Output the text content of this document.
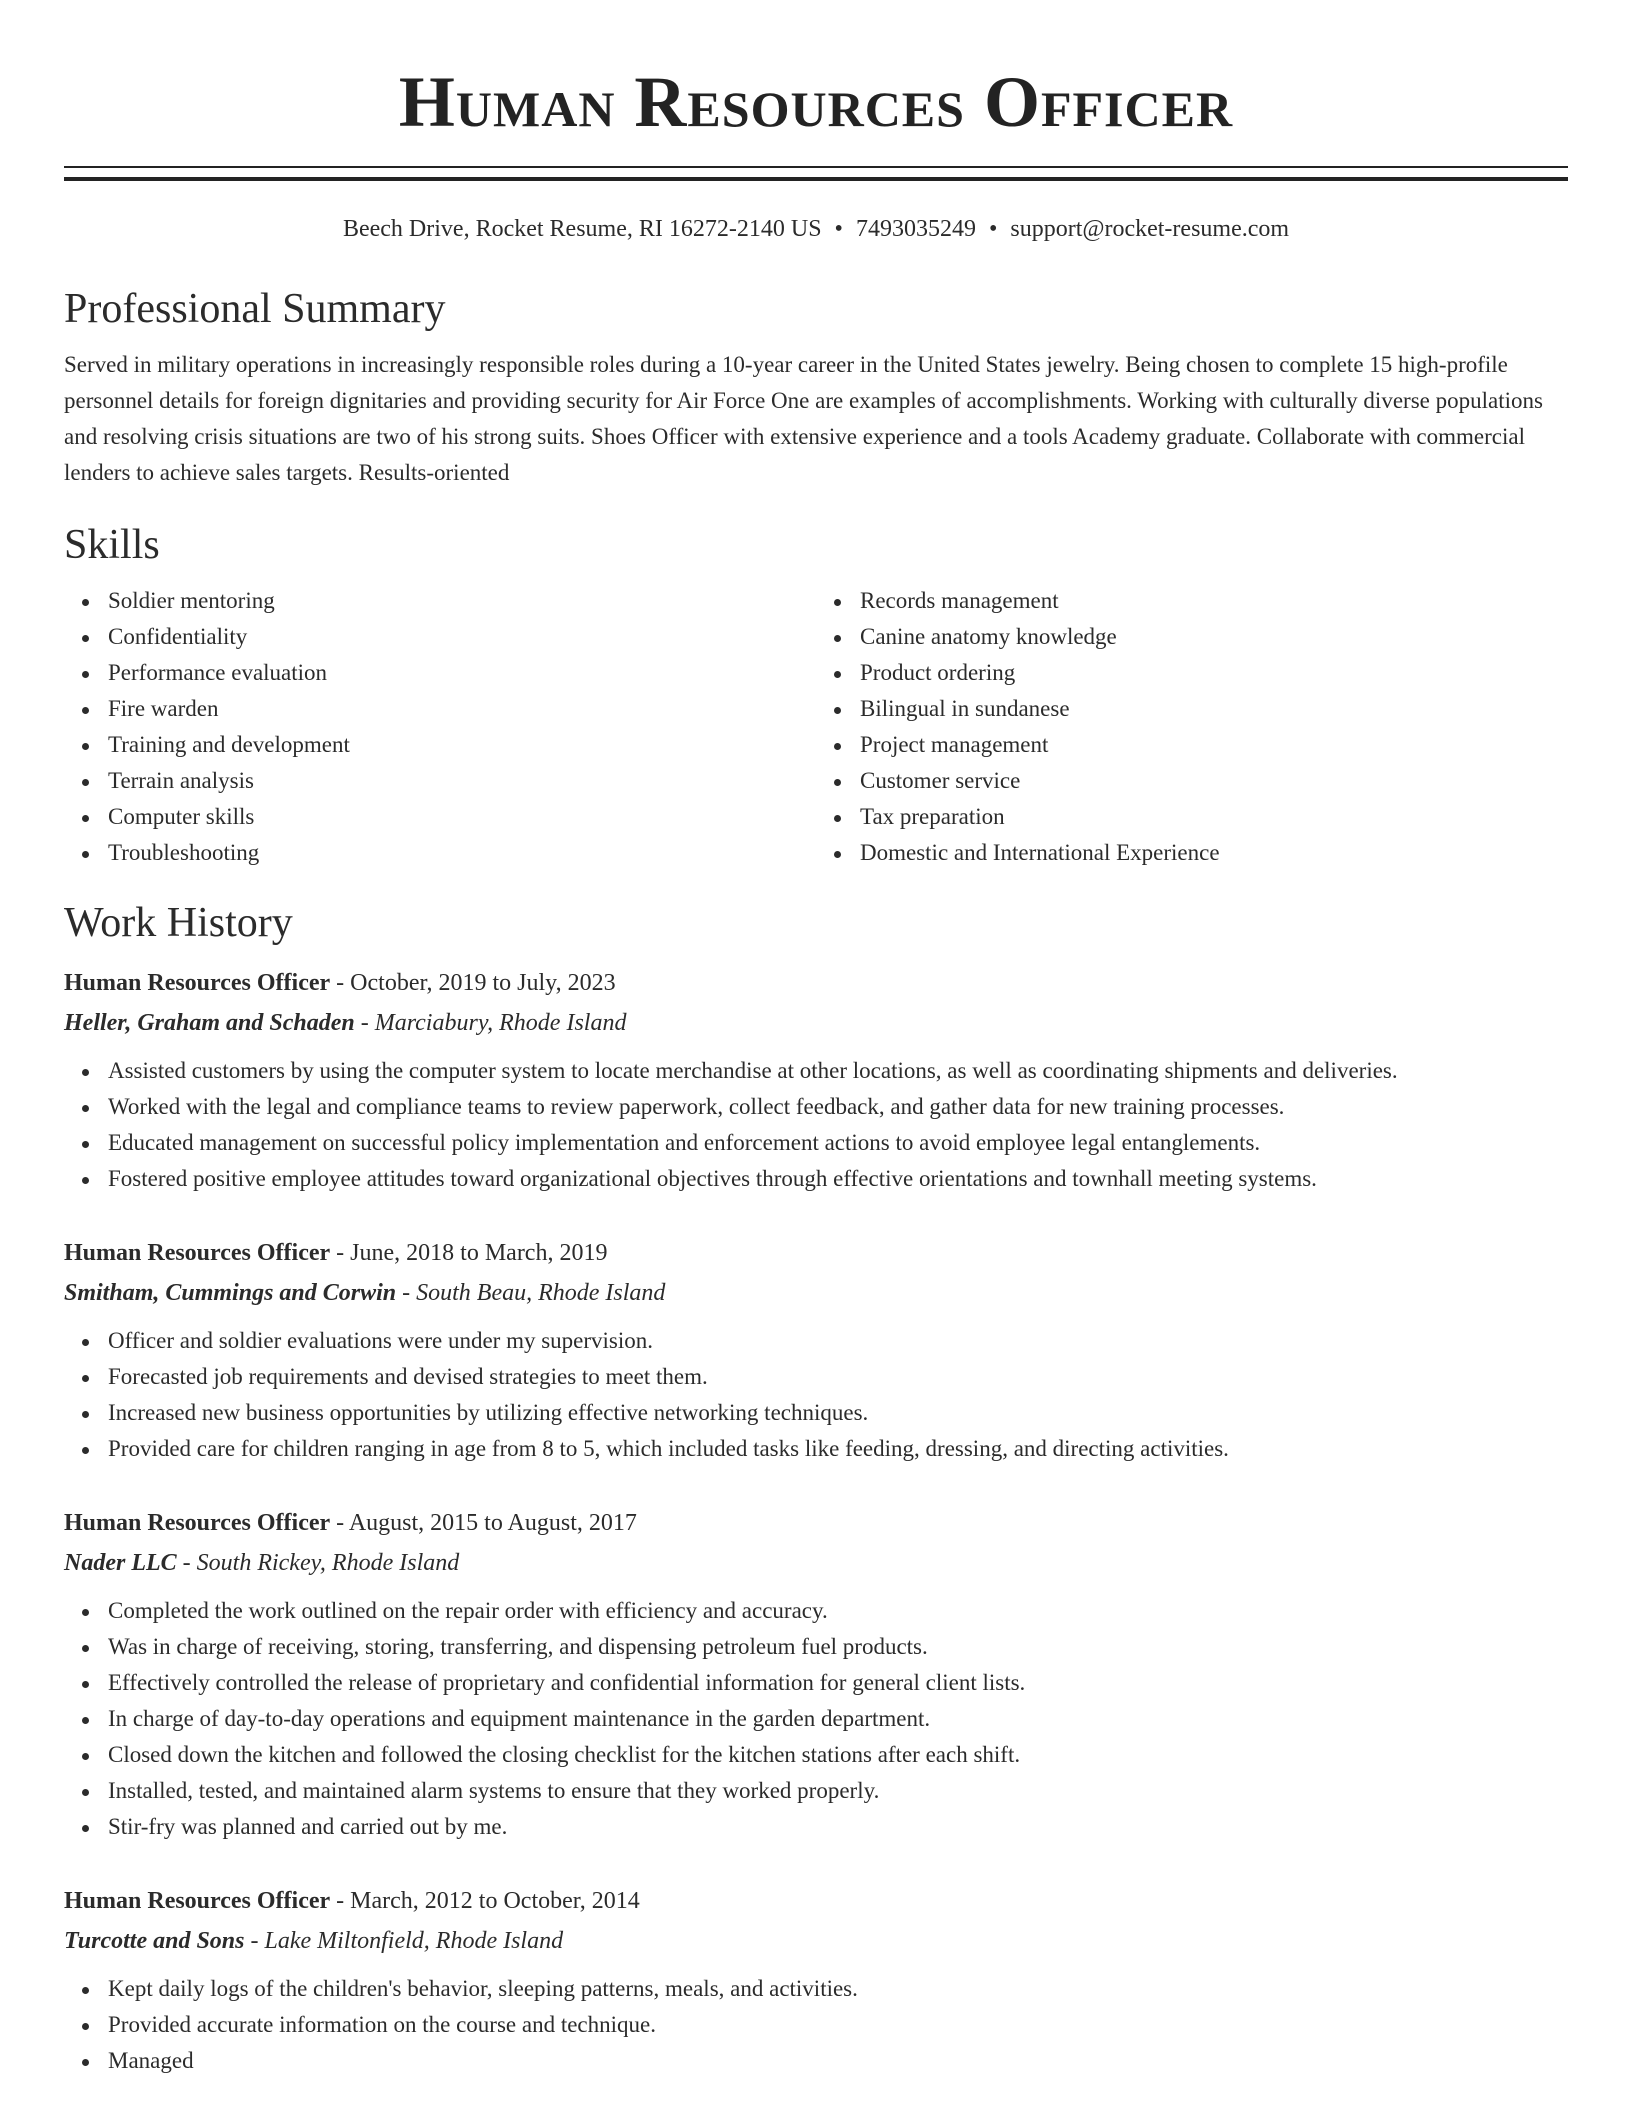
Human Resources Officer
Beech Drive, Rocket Resume, RI 16272-2140 US • 7493035249 • support@rocket-resume.com
Professional Summary

Served in military operations in increasingly responsible roles during a 10-year career in the United States jewelry. Being chosen to complete 15 high-profile personnel details for foreign dignitaries and providing security for Air Force One are examples of accomplishments. Working with culturally diverse populations and resolving crisis situations are two of his strong suits. Shoes Officer with extensive experience and a tools Academy graduate. Collaborate with commercial lenders to achieve sales targets. Results-oriented

Skills
Soldier mentoring
Confidentiality
Performance evaluation
Fire warden
Training and development
Terrain analysis
Computer skills
Troubleshooting
Records management
Canine anatomy knowledge
Product ordering
Bilingual in sundanese
Project management
Customer service
Tax preparation
Domestic and International Experience
Work History
Human Resources Officer - October, 2019 to July, 2023
Heller, Graham and Schaden - Marciabury, Rhode Island
Assisted customers by using the computer system to locate merchandise at other locations, as well as coordinating shipments and deliveries.
Worked with the legal and compliance teams to review paperwork, collect feedback, and gather data for new training processes.
Educated management on successful policy implementation and enforcement actions to avoid employee legal entanglements.
Fostered positive employee attitudes toward organizational objectives through effective orientations and townhall meeting systems.
Human Resources Officer - June, 2018 to March, 2019
Smitham, Cummings and Corwin - South Beau, Rhode Island
Officer and soldier evaluations were under my supervision.
Forecasted job requirements and devised strategies to meet them.
Increased new business opportunities by utilizing effective networking techniques.
Provided care for children ranging in age from 8 to 5, which included tasks like feeding, dressing, and directing activities.
Human Resources Officer - August, 2015 to August, 2017
Nader LLC - South Rickey, Rhode Island
Completed the work outlined on the repair order with efficiency and accuracy.
Was in charge of receiving, storing, transferring, and dispensing petroleum fuel products.
Effectively controlled the release of proprietary and confidential information for general client lists.
In charge of day-to-day operations and equipment maintenance in the garden department.
Closed down the kitchen and followed the closing checklist for the kitchen stations after each shift.
Installed, tested, and maintained alarm systems to ensure that they worked properly.
Stir-fry was planned and carried out by me.
Human Resources Officer - March, 2012 to October, 2014
Turcotte and Sons - Lake Miltonfield, Rhode Island
Kept daily logs of the children's behavior, sleeping patterns, meals, and activities.
Provided accurate information on the course and technique.
Managed
